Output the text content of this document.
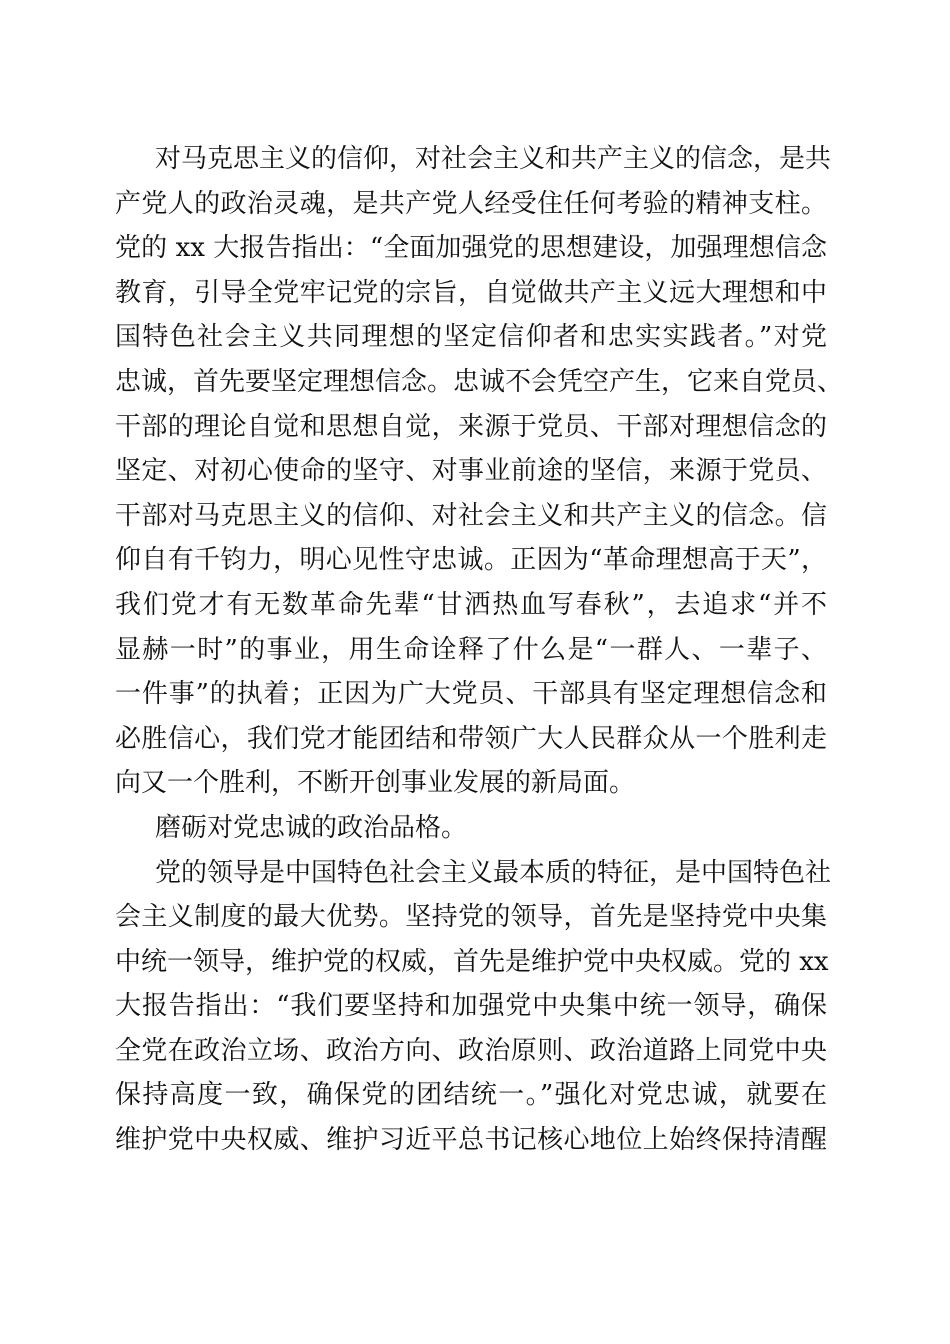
对马克思主义的信仰，对社会主义和共产主义的信念，是共
产党人的政治灵魂，是共产党人经受住任何考验的精神支柱。
党的 xx 大报告指出：“全面加强党的思想建设，加强理想信念
教育，引导全党牢记党的宗旨，自觉做共产主义远大理想和中
国特色社会主义共同理想的坚定信仰者和忠实实践者。”对党
忠诚，首先要坚定理想信念。忠诚不会凭空产生，它来自党员、
干部的理论自觉和思想自觉，来源于党员、干部对理想信念的
坚定、对初心使命的坚守、对事业前途的坚信，来源于党员、
干部对马克思主义的信仰、对社会主义和共产主义的信念。信
仰自有千钧力，明心见性守忠诚。正因为“革命理想高于天”，
我们党才有无数革命先辈“甘洒热血写春秋”，去追求“并不
显赫一时”的事业，用生命诠释了什么是“一群人、一辈子、
一件事”的执着；正因为广大党员、干部具有坚定理想信念和
必胜信心，我们党才能团结和带领广大人民群众从一个胜利走
向又一个胜利，不断开创事业发展的新局面。
磨砺对党忠诚的政治品格。
党的领导是中国特色社会主义最本质的特征，是中国特色社
会主义制度的最大优势。坚持党的领导，首先是坚持党中央集
中统一领导，维护党的权威，首先是维护党中央权威。党的 xx
大报告指出：“我们要坚持和加强党中央集中统一领导，确保
全党在政治立场、政治方向、政治原则、政治道路上同党中央
保持高度一致，确保党的团结统一。”强化对党忠诚，就要在
维护党中央权威、维护习近平总书记核心地位上始终保持清醒
